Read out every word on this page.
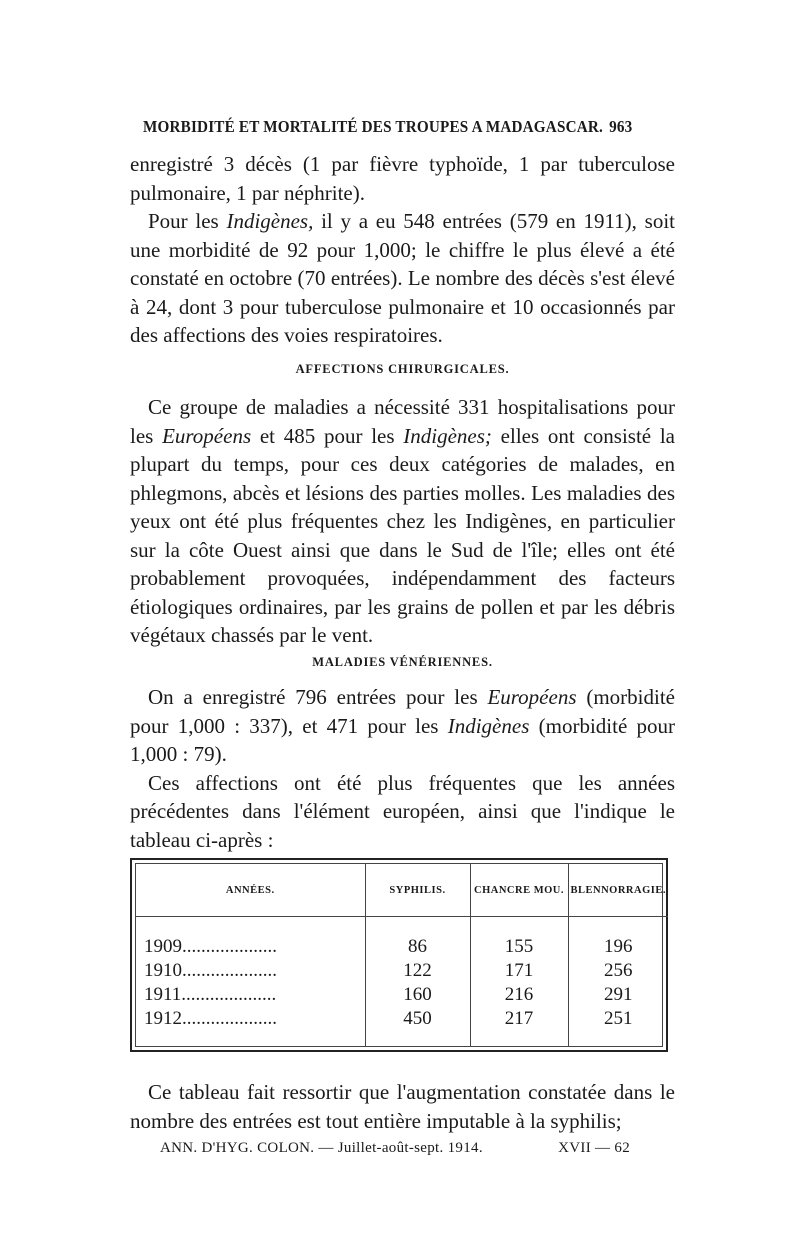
MORBIDITÉ ET MORTALITÉ DES TROUPES A MADAGASCAR. 963

enregistré 3 décès (1 par fièvre typhoïde, 1 par tuberculose pulmonaire, 1 par néphrite).

Pour les Indigènes, il y a eu 548 entrées (579 en 1911), soit une morbidité de 92 pour 1,000; le chiffre le plus élevé a été constaté en octobre (70 entrées). Le nombre des décès s'est élevé à 24, dont 3 pour tuberculose pulmonaire et 10 occasionnés par des affections des voies respiratoires.

AFFECTIONS CHIRURGICALES.

Ce groupe de maladies a nécessité 331 hospitalisations pour les Européens et 485 pour les Indigènes; elles ont consisté la plupart du temps, pour ces deux catégories de malades, en phlegmons, abcès et lésions des parties molles. Les maladies des yeux ont été plus fréquentes chez les Indigènes, en particulier sur la côte Ouest ainsi que dans le Sud de l'île; elles ont été probablement provoquées, indépendamment des facteurs étiologiques ordinaires, par les grains de pollen et par les débris végétaux chassés par le vent.

MALADIES VÉNÉRIENNES.

On a enregistré 796 entrées pour les Européens (morbidité pour 1,000 : 337), et 471 pour les Indigènes (morbidité pour 1,000 : 79).

Ces affections ont été plus fréquentes que les années précédentes dans l'élément européen, ainsi que l'indique le tableau ci-après :

ANNÉES.	SYPHILIS.	CHANCRE MOU.	BLENNORRAGIE.
1909....................	86	155	196
1910....................	122	171	256
1911....................	160	216	291
1912....................	450	217	251

Ce tableau fait ressortir que l'augmentation constatée dans le nombre des entrées est tout entière imputable à la syphilis;

ANN. D'HYG. COLON. — Juillet-août-sept. 1914.	XVII — 62
